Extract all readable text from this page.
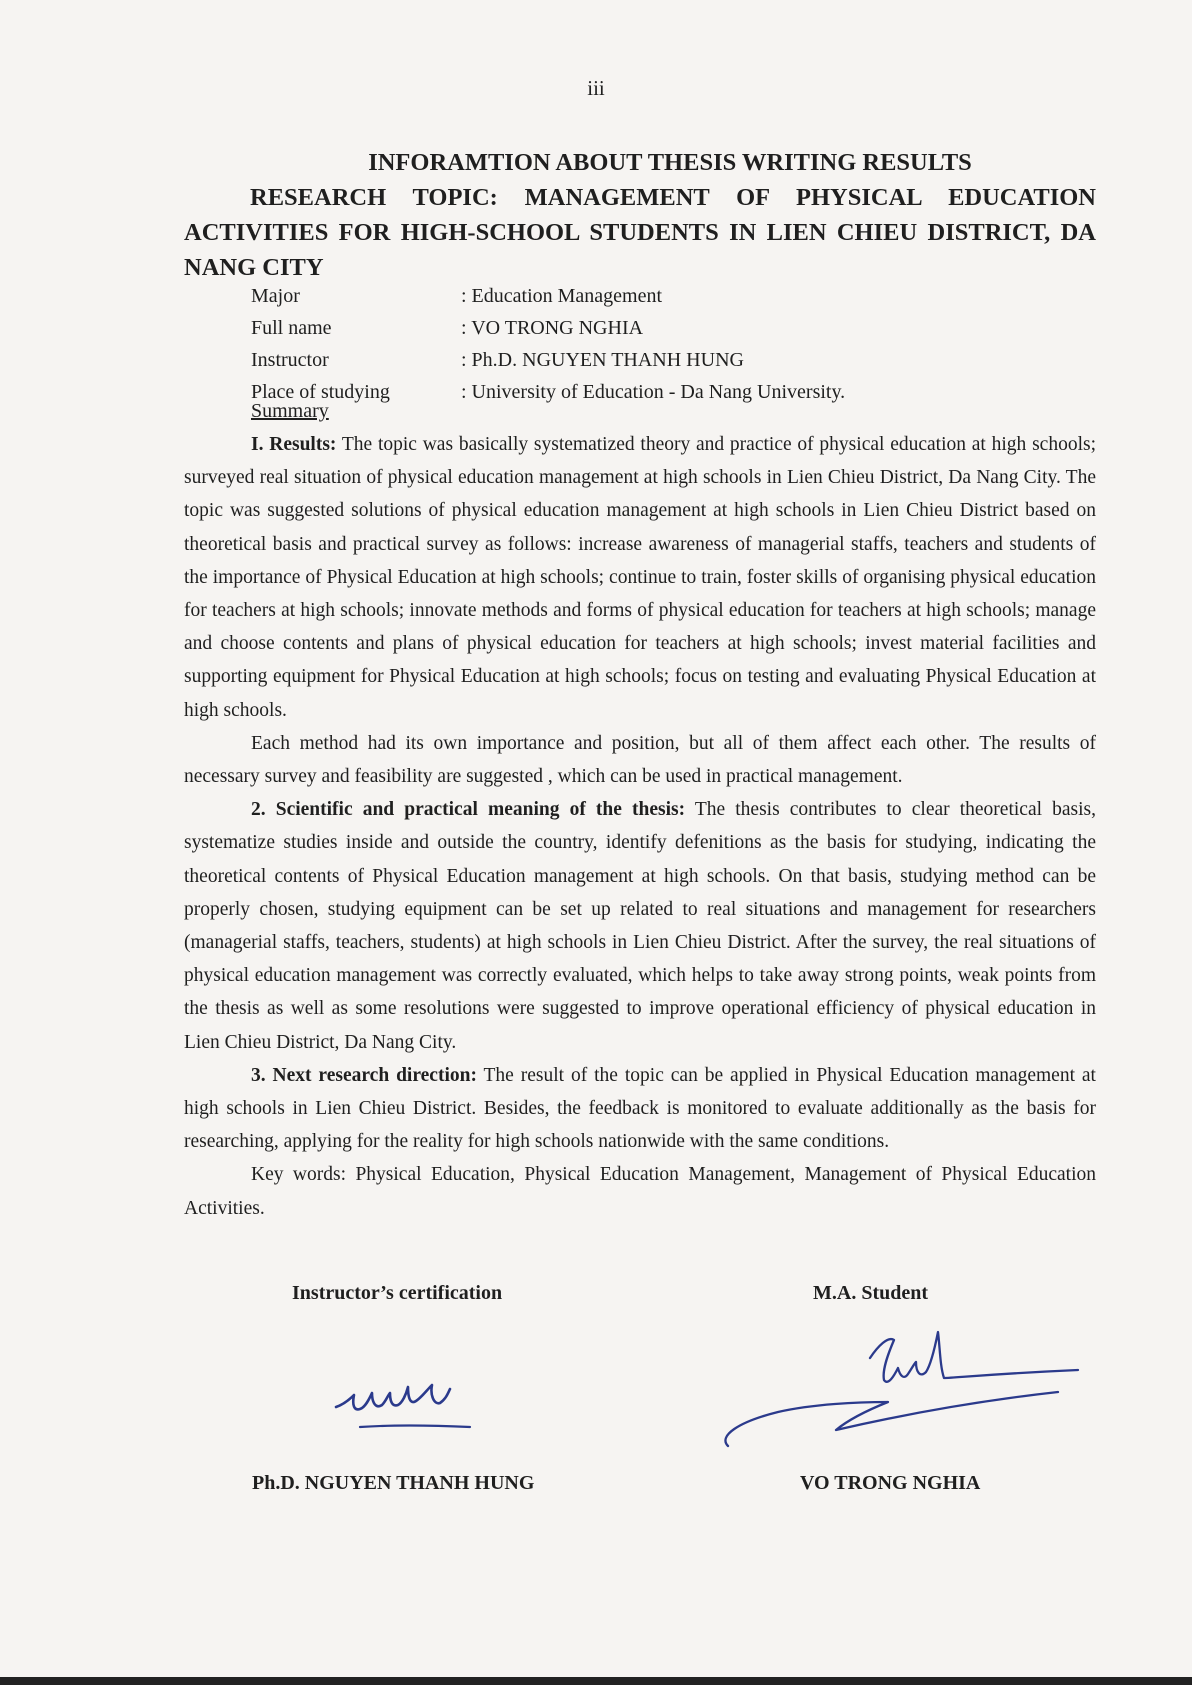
iii
INFORAMTION ABOUT THESIS WRITING RESULTS
RESEARCH TOPIC: MANAGEMENT OF PHYSICAL EDUCATION ACTIVITIES FOR HIGH-SCHOOL STUDENTS IN LIEN CHIEU DISTRICT, DA NANG CITY
Major	: Education Management
Full name	: VO TRONG NGHIA
Instructor	: Ph.D. NGUYEN THANH HUNG
Place of studying	: University of Education - Da Nang University.
Summary

I. Results: The topic was basically systematized theory and practice of physical education at high schools; surveyed real situation of physical education management at high schools in Lien Chieu District, Da Nang City. The topic was suggested solutions of physical education management at high schools in Lien Chieu District based on theoretical basis and practical survey as follows: increase awareness of managerial staffs, teachers and students of the importance of Physical Education at high schools; continue to train, foster skills of organising physical education for teachers at high schools; innovate methods and forms of physical education for teachers at high schools; manage and choose contents and plans of physical education for teachers at high schools; invest material facilities and supporting equipment for Physical Education at high schools; focus on testing and evaluating Physical Education at high schools.

Each method had its own importance and position, but all of them affect each other. The results of necessary survey and feasibility are suggested , which can be used in practical management.

2. Scientific and practical meaning of the thesis: The thesis contributes to clear theoretical basis, systematize studies inside and outside the country, identify defenitions as the basis for studying, indicating the theoretical contents of Physical Education management at high schools. On that basis, studying method can be properly chosen, studying equipment can be set up related to real situations and management for researchers (managerial staffs, teachers, students) at high schools in Lien Chieu District. After the survey, the real situations of physical education management was correctly evaluated, which helps to take away strong points, weak points from the thesis as well as some resolutions were suggested to improve operational efficiency of physical education in Lien Chieu District, Da Nang City.

3. Next research direction: The result of the topic can be applied in Physical Education management at high schools in Lien Chieu District. Besides, the feedback is monitored to evaluate additionally as the basis for researching, applying for the reality for high schools nationwide with the same conditions.

Key words: Physical Education, Physical Education Management, Management of Physical Education Activities.

Instructor’s certification	M.A. Student
Ph.D. NGUYEN THANH HUNG	VO TRONG NGHIA
